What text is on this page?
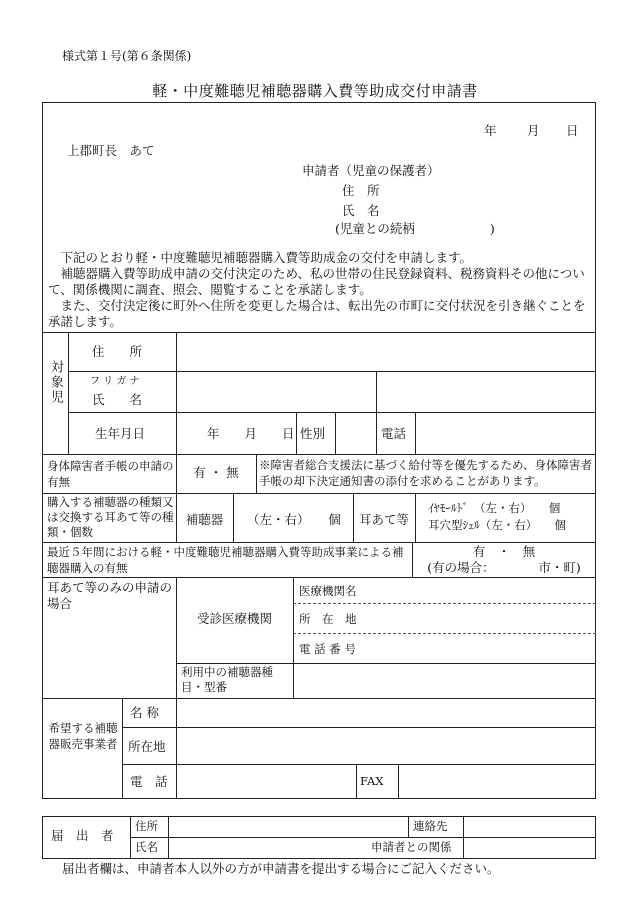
様式第１号(第６条関係)
軽・中度難聴児補聴器購入費等助成交付申請書
年 月 日
上郡町長　あて
申請者（児童の保護者）
住　所
氏　名
(児童との続柄　　　　　　)
下記のとおり軽・中度難聴児補聴器購入費等助成金の交付を申請します。
補聴器購入費等助成申請の交付決定のため、私の世帯の住民登録資料、税務資料その他について、関係機関に調査、照会、閲覧することを承諾します。
また、交付決定後に町外へ住所を変更した場合は、転出先の市町に交付状況を引き継ぐことを承諾します。
対象児
住　　所
フ リ ガ ナ
氏　　名
生年月日	年　　月　　日 性別	電話
身体障害者手帳の申請の有無
有 ・ 無	※障害者総合支援法に基づく給付等を優先するため、身体障害者手帳の却下決定通知書の添付を求めることがあります。
購入する補聴器の種類又は交換する耳あて等の種類・個数
補聴器	（左・右）　　個	耳あて等
ｲﾔﾓｰﾙﾄﾞ　（左・右）　　個
耳穴型ｼｪﾙ（左・右）　　個
最近５年間における軽・中度難聴児補聴器購入費等助成事業による補聴器購入の有無
有　・　無
(有の場合：　　　　市・町)
耳あて等のみの申請の場合
受診医療機関
医療機関名
所　在　地
電 話 番 号
利用中の補聴器種目・型番
希望する補聴器販売事業者
名 称
所在地
電　話	FAX
届　出　者
住所	連絡先
氏名	申請者との関係
届出者欄は、申請者本人以外の方が申請書を提出する場合にご記入ください。
